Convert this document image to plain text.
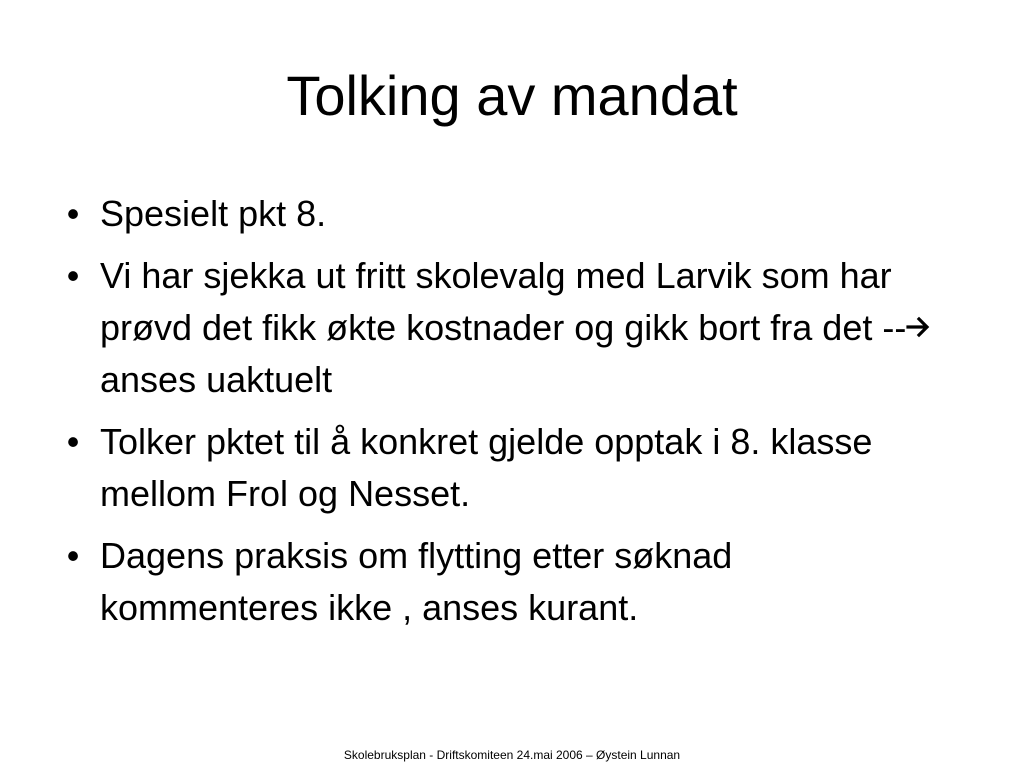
Tolking av mandat
• Spesielt pkt 8.
• Vi har sjekka ut fritt skolevalg med Larvik som har prøvd det fikk økte kostnader og gikk bort fra det -- anses uaktuelt
• Tolker pktet til å konkret gjelde opptak i 8. klasse mellom Frol og Nesset.
• Dagens praksis om flytting etter søknad kommenteres ikke , anses kurant.
Skolebruksplan - Driftskomiteen 24.mai 2006 – Øystein Lunnan
